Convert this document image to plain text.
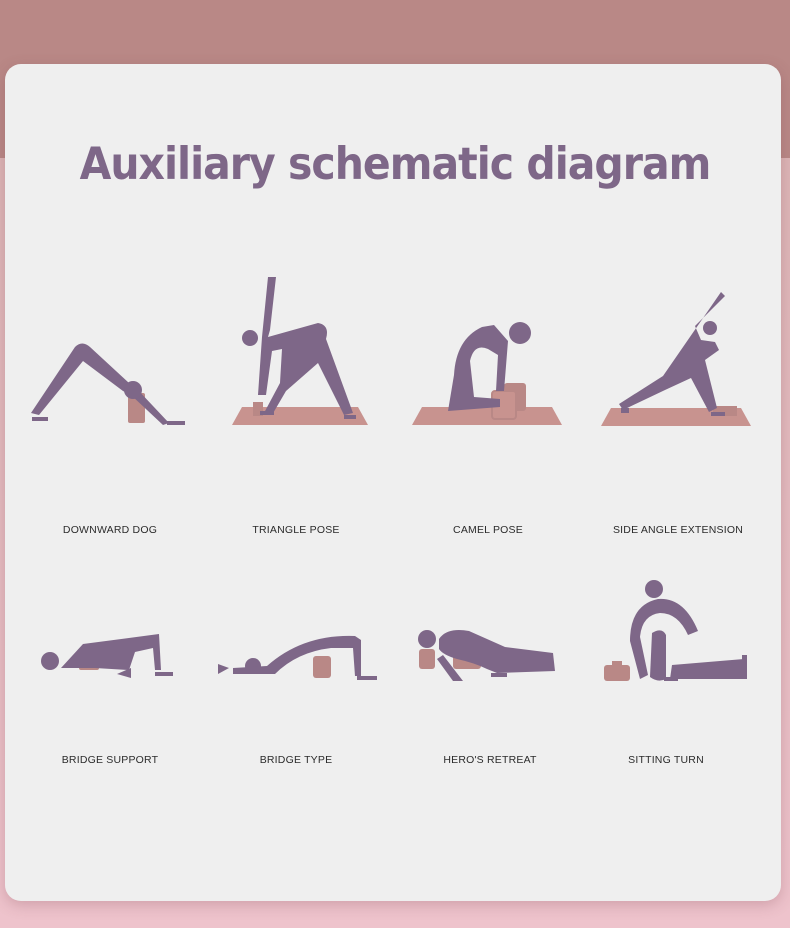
Auxiliary schematic diagram
DOWNWARD DOG	TRIANGLE POSE	CAMEL POSE	SIDE ANGLE EXTENSION
BRIDGE SUPPORT	BRIDGE TYPE	HERO'S RETREAT	SITTING TURN
